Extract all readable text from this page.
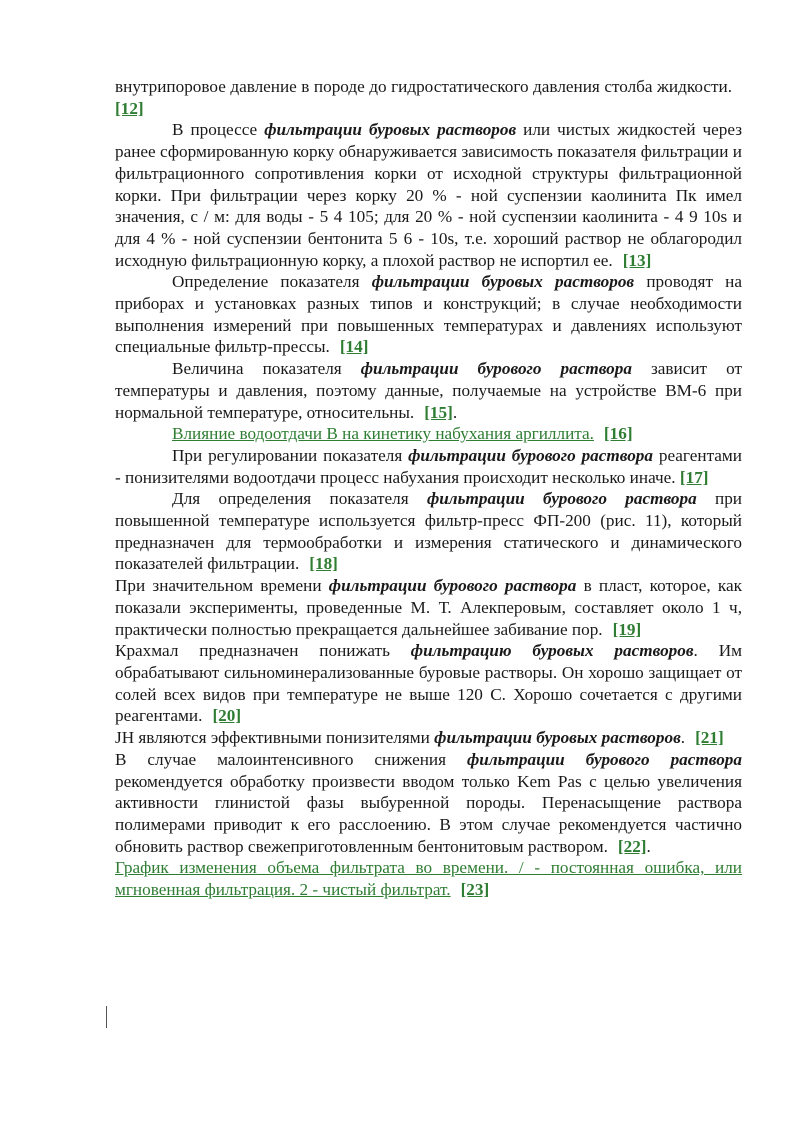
внутрипоровое давление в породе до гидростатического давления столба жидкости.[12]

В процессе фильтрации буровых растворов или чистых жидкостей через ранее сформированную корку обнаруживается зависимость показателя фильтрации и фильтрационного сопротивления корки от исходной структуры фильтрационной корки. При фильтрации через корку 20 % - ной суспензии каолинита Пк имел значения, с / м: для воды - 5 4 105; для 20 % - ной суспензии каолинита - 4 9 10s и для 4 % - ной суспензии бентонита 5 6 - 10s, т.е. хороший раствор не облагородил исходную фильтрационную корку, а плохой раствор не испортил ее. [13]

Определение показателя фильтрации буровых растворов проводят на приборах и установках разных типов и конструкций; в случае необходимости выполнения измерений при повышенных температурах и давлениях используют специальные фильтр-прессы. [14]

Величина показателя фильтрации бурового раствора зависит от температуры и давления, поэтому данные, получаемые на устройстве ВМ-6 при нормальной температуре, относительны. [15].

Влияние водоотдачи В на кинетику набухания аргиллита. [16]

При регулировании показателя фильтрации бурового раствора реагентами - понизителями водоотдачи процесс набухания происходит несколько иначе. [17]

Для определения показателя фильтрации бурового раствора при повышенной температуре используется фильтр-пресс ФП-200 (рис. 11), который предназначен для термообработки и измерения статического и динамического показателей фильтрации. [18]

При значительном времени фильтрации бурового раствора в пласт, которое, как показали эксперименты, проведенные М. Т. Алекперовым, составляет около 1 ч, практически полностью прекращается дальнейшее забивание пор. [19]

Крахмал предназначен понижать фильтрацию буровых растворов. Им обрабатывают сильноминерализованные буровые растворы. Он хорошо защищает от солей всех видов при температуре не выше 120 С. Хорошо сочетается с другими реагентами. [20]

JH являются эффективными понизителями фильтрации буровых растворов. [21]

В случае малоинтенсивного снижения фильтрации бурового раствора рекомендуется обработку произвести вводом только Kem Pas с целью увеличения активности глинистой фазы выбуренной породы. Перенасыщение раствора полимерами приводит к его расслоению. В этом случае рекомендуется частично обновить раствор свежеприготовленным бентонитовым раствором. [22].

График изменения объема фильтрата во времени. / - постоянная ошибка, или мгновенная фильтрация. 2 - чистый фильтрат. [23]
